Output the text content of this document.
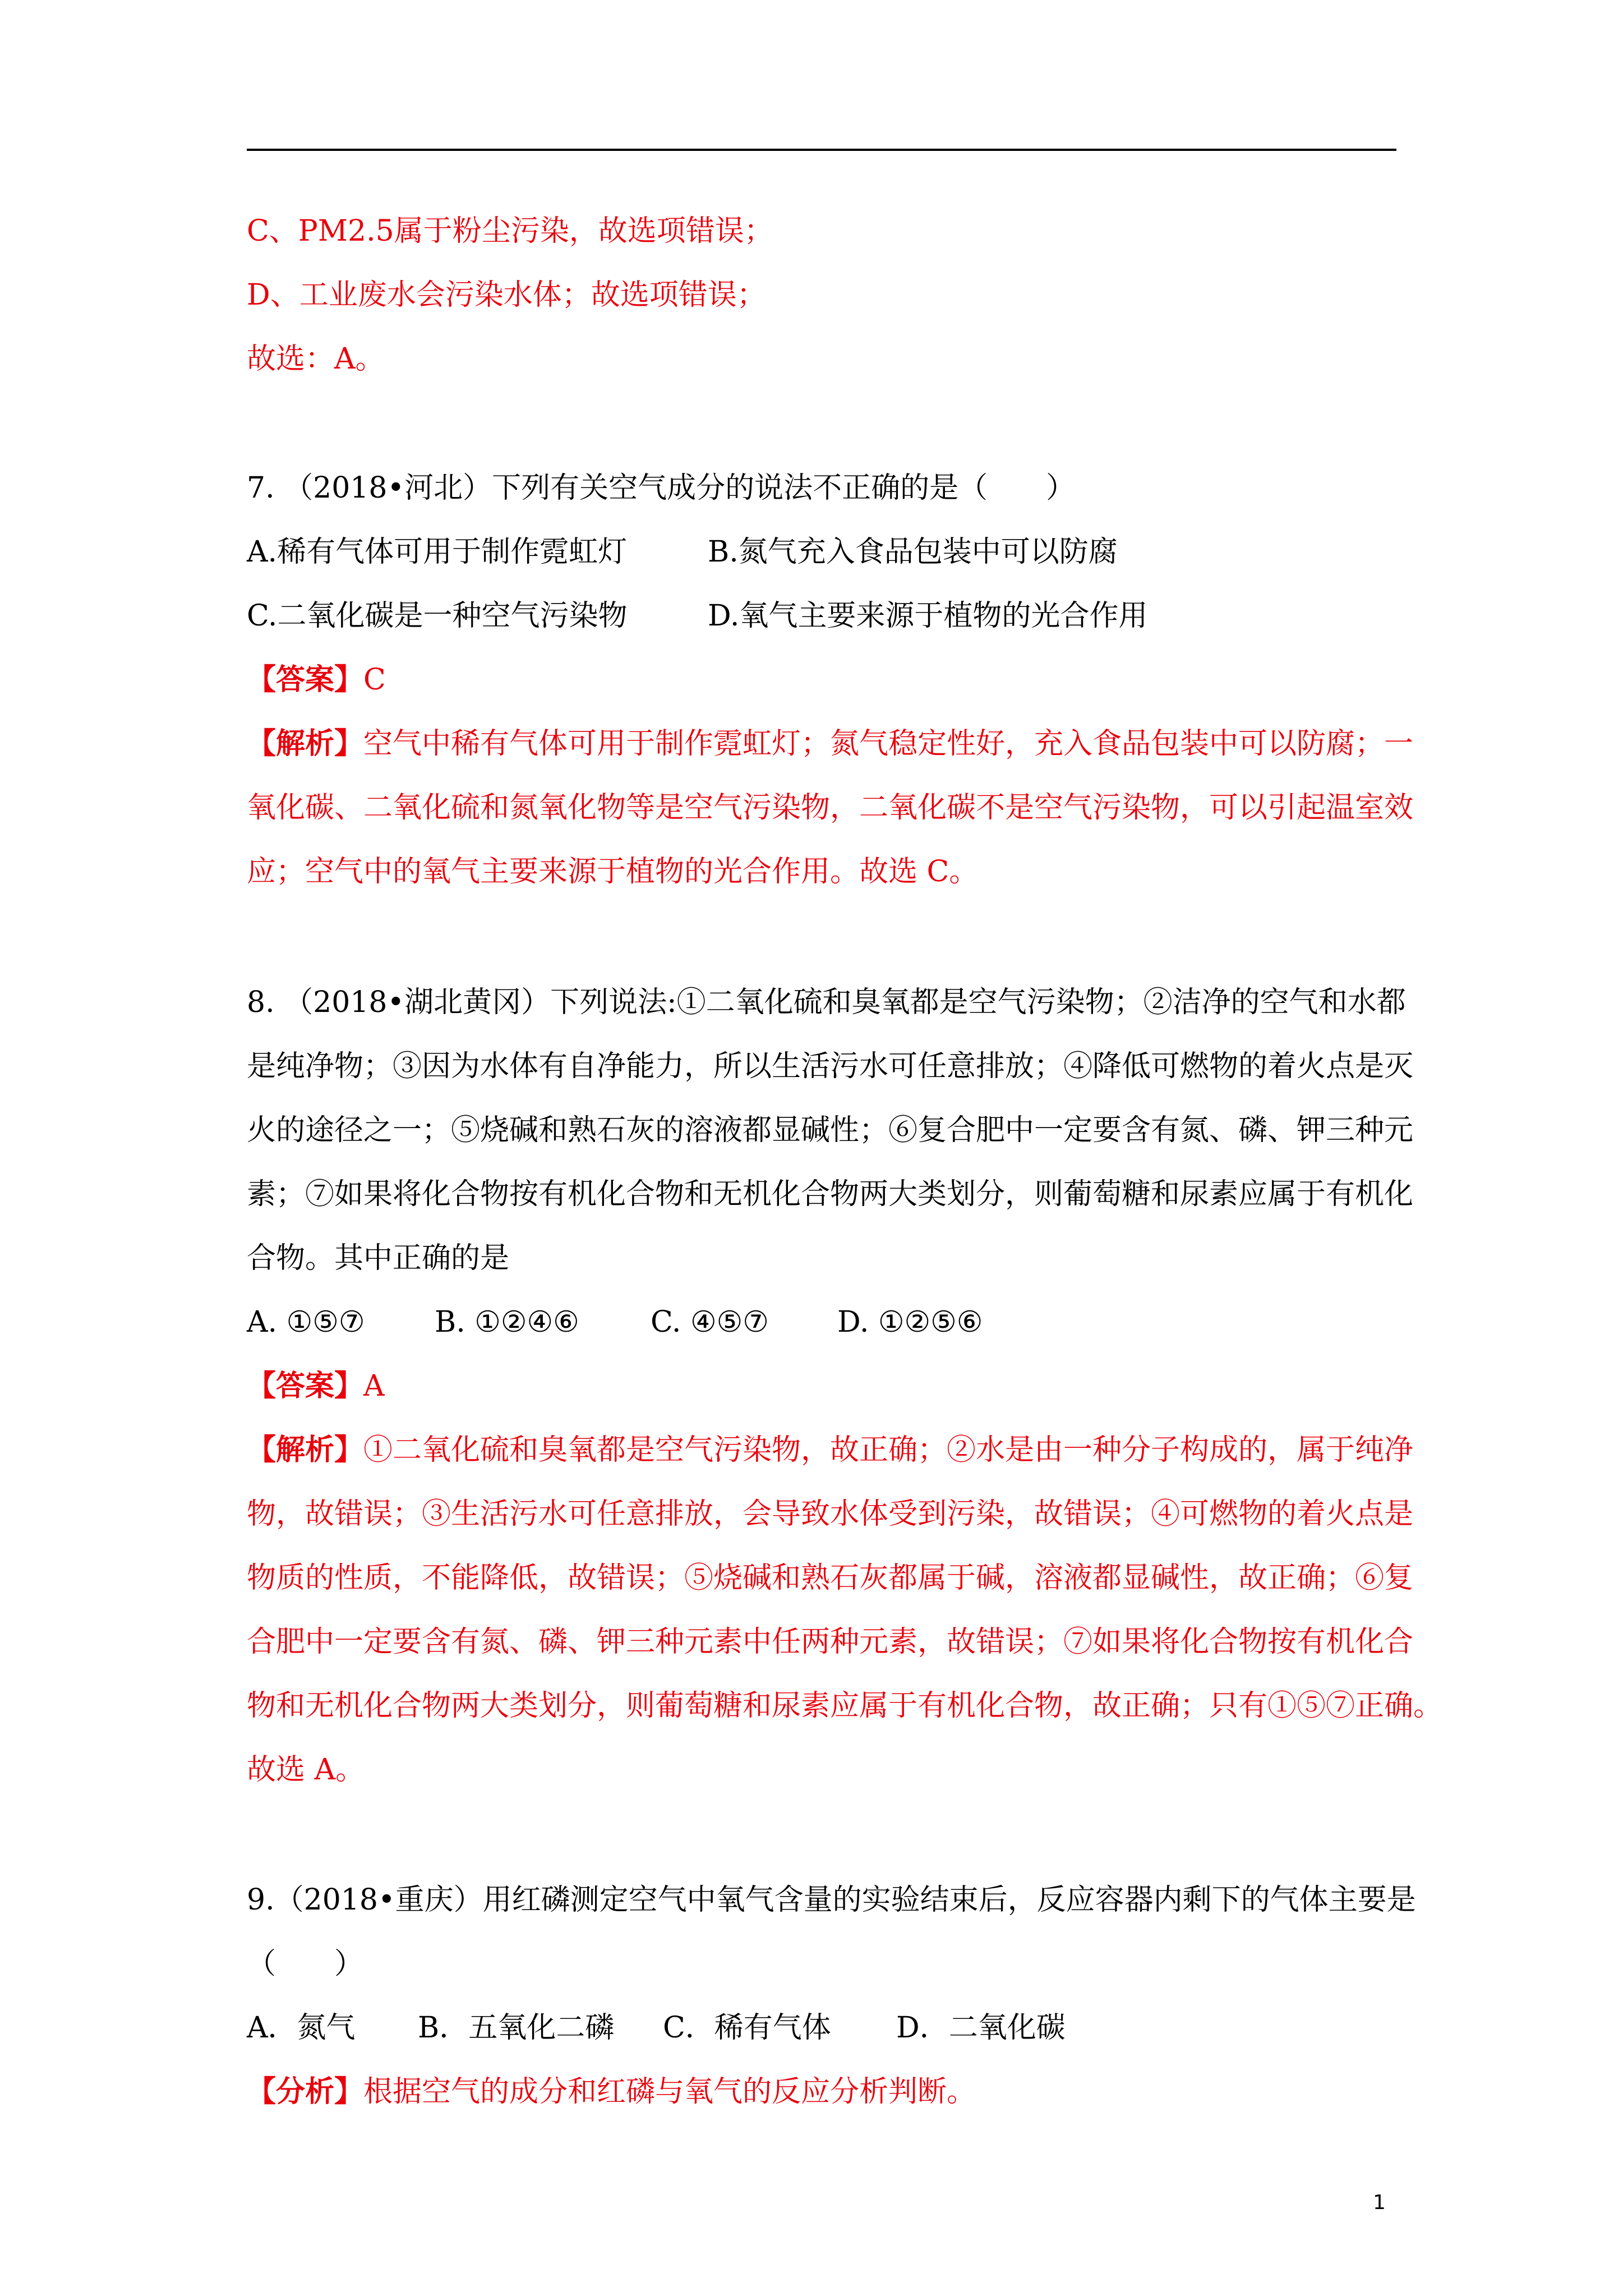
C、PM2.5属于粉尘污染，故选项错误；
D、工业废水会污染水体；故选项错误；
故选：A。
7. （2018•河北）下列有关空气成分的说法不正确的是（　　）
A.稀有气体可用于制作霓虹灯	B.氮气充入食品包装中可以防腐
C.二氧化碳是一种空气污染物	D.氧气主要来源于植物的光合作用
【答案】C
【解析】空气中稀有气体可用于制作霓虹灯；氮气稳定性好，充入食品包装中可以防腐；一
氧化碳、二氧化硫和氮氧化物等是空气污染物，二氧化碳不是空气污染物，可以引起温室效
应；空气中的氧气主要来源于植物的光合作用。故选 C。
8. （2018•湖北黄冈）下列说法:①二氧化硫和臭氧都是空气污染物；②洁净的空气和水都
是纯净物；③因为水体有自净能力，所以生活污水可任意排放；④降低可燃物的着火点是灭
火的途径之一；⑤烧碱和熟石灰的溶液都显碱性；⑥复合肥中一定要含有氮、磷、钾三种元
素；⑦如果将化合物按有机化合物和无机化合物两大类划分，则葡萄糖和尿素应属于有机化
合物。其中正确的是
A. ①⑤⑦ B. ①②④⑥ C. ④⑤⑦ D. ①②⑤⑥
【答案】A
【解析】①二氧化硫和臭氧都是空气污染物，故正确；②水是由一种分子构成的，属于纯净
物，故错误；③生活污水可任意排放，会导致水体受到污染，故错误；④可燃物的着火点是
物质的性质，不能降低，故错误；⑤烧碱和熟石灰都属于碱，溶液都显碱性，故正确；⑥复
合肥中一定要含有氮、磷、钾三种元素中任两种元素，故错误；⑦如果将化合物按有机化合
物和无机化合物两大类划分，则葡萄糖和尿素应属于有机化合物，故正确；只有①⑤⑦正确。
故选 A。
9.（2018•重庆）用红磷测定空气中氧气含量的实验结束后，反应容器内剩下的气体主要是
（　　）
A．氮气 B．五氧化二磷 C．稀有气体 D．二氧化碳
【分析】根据空气的成分和红磷与氧气的反应分析判断。
1
